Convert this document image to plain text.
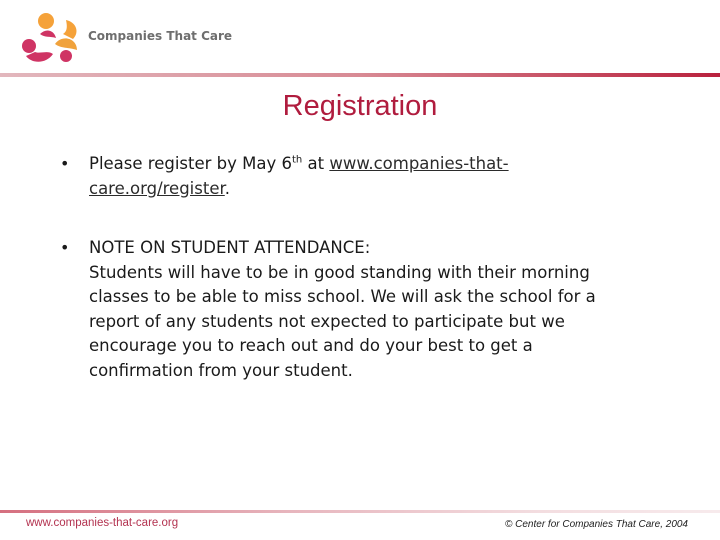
Companies That Care
Registration
• Please register by May 6th at www.companies-that-
care.org/register.
• NOTE ON STUDENT ATTENDANCE:
Students will have to be in good standing with their morning
classes to be able to miss school. We will ask the school for a
report of any students not expected to participate but we
encourage you to reach out and do your best to get a
confirmation from your student.
www.companies-that-care.org	© Center for Companies That Care, 2004
